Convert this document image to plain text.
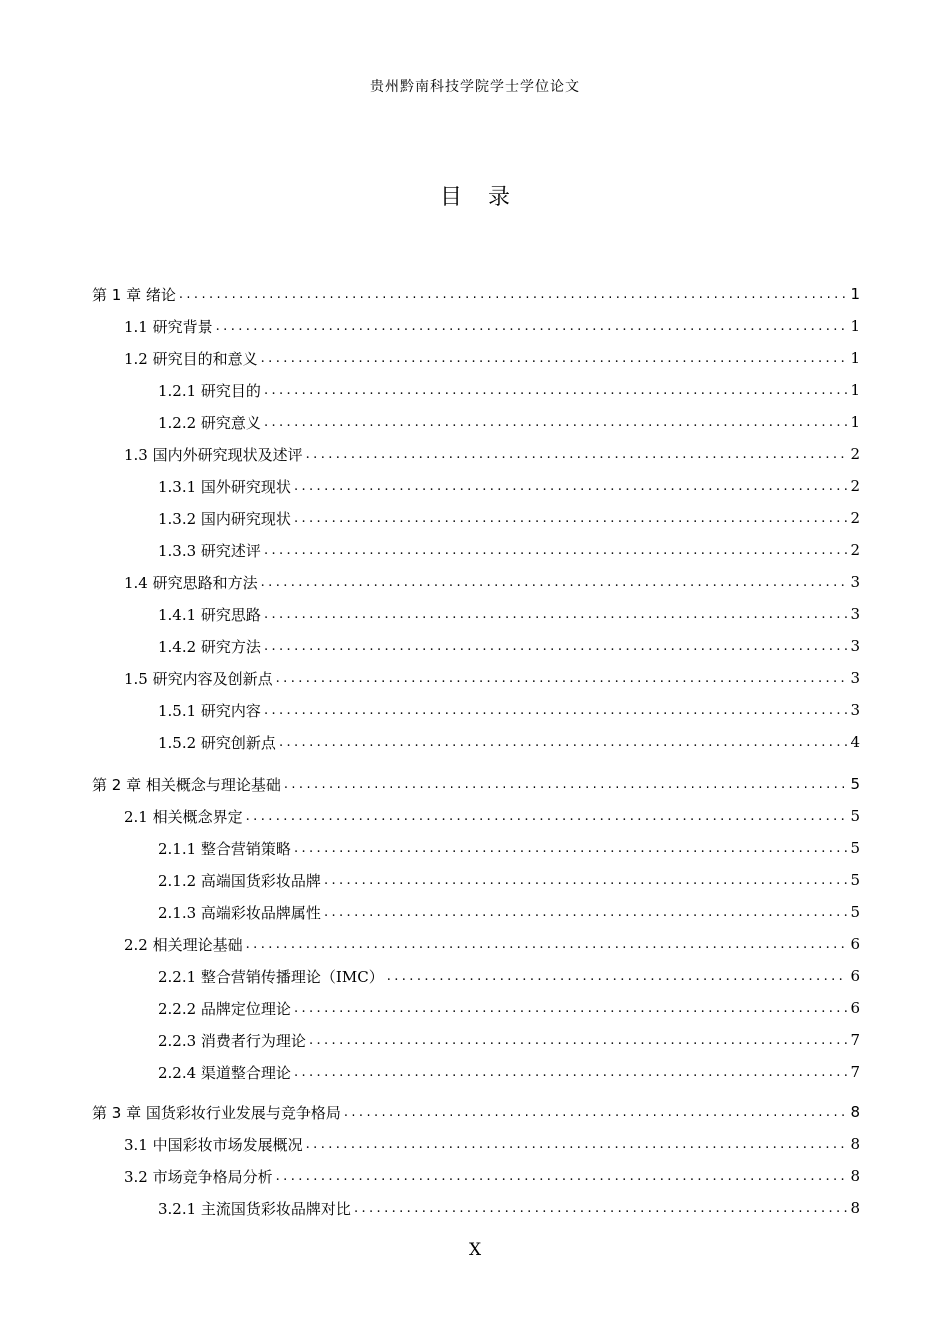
贵州黔南科技学院学士学位论文
目录
第 1 章 绪论 .....	1
1.1 研究背景 .....	1
1.2 研究目的和意义 .....	1
1.2.1 研究目的 .....	1
1.2.2 研究意义 .....	1
1.3 国内外研究现状及述评 .....	2
1.3.1 国外研究现状 .....	2
1.3.2 国内研究现状 .....	2
1.3.3 研究述评 .....	2
1.4 研究思路和方法 .....	3
1.4.1 研究思路 .....	3
1.4.2 研究方法 .....	3
1.5 研究内容及创新点 .....	3
1.5.1 研究内容 .....	3
1.5.2 研究创新点 .....	4
第 2 章 相关概念与理论基础 .....	5
2.1 相关概念界定 .....	5
2.1.1 整合营销策略 .....	5
2.1.2 高端国货彩妆品牌 .....	5
2.1.3 高端彩妆品牌属性 .....	5
2.2 相关理论基础 .....	6
2.2.1 整合营销传播理论（IMC） .....	6
2.2.2 品牌定位理论 .....	6
2.2.3 消费者行为理论 .....	7
2.2.4 渠道整合理论 .....	7
第 3 章 国货彩妆行业发展与竞争格局 .....	8
3.1 中国彩妆市场发展概况 .....	8
3.2 市场竞争格局分析 .....	8
3.2.1 主流国货彩妆品牌对比 .....	8
X
